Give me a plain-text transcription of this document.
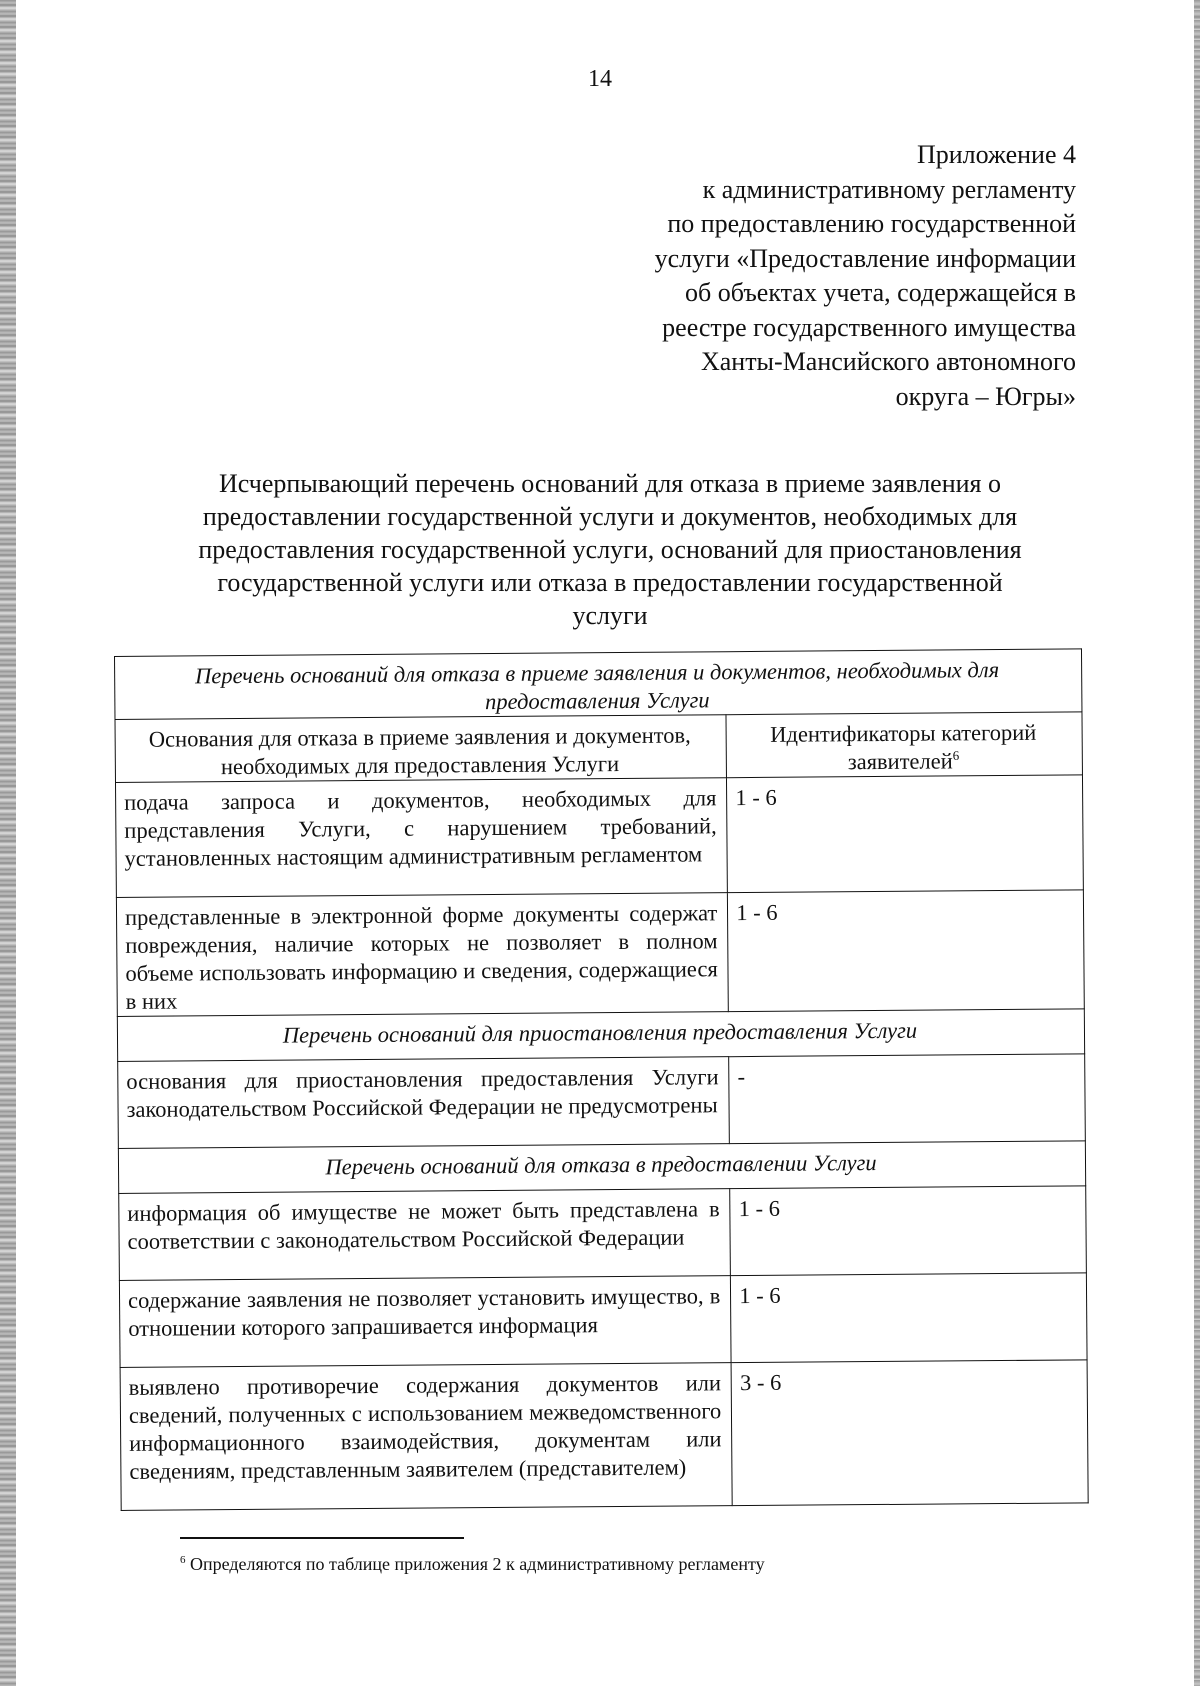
14
Приложение 4
к административному регламенту
по предоставлению государственной
услуги «Предоставление информации
об объектах учета, содержащейся в
реестре государственного имущества
Ханты-Мансийского автономного
округа – Югры»
Исчерпывающий перечень оснований для отказа в приеме заявления о
предоставлении государственной услуги и документов, необходимых для
предоставления государственной услуги, оснований для приостановления
государственной услуги или отказа в предоставлении государственной
услуги
Перечень оснований для отказа в приеме заявления и документов, необходимых для предоставления Услуги	
Основания для отказа в приеме заявления и документов, необходимых для предоставления Услуги	Идентификаторы категорий заявителей$^6$
подача запроса и документов, необходимых для представления Услуги, с нарушением требований, установленных настоящим административным регламентом	1 - 6
представленные в электронной форме документы содержат повреждения, наличие которых не позволяет в полном объеме использовать информацию и сведения, содержащиеся в них	1 - 6
Перечень оснований для приостановления предоставления Услуги	
основания для приостановления предоставления Услуги законодательством Российской Федерации не предусмотрены	-
Перечень оснований для отказа в предоставлении Услуги	
информация об имуществе не может быть представлена в соответствии с законодательством Российской Федерации	1 - 6
содержание заявления не позволяет установить имущество, в отношении которого запрашивается информация	1 - 6
выявлено противоречие содержания документов или сведений, полученных с использованием межведомственного информационного взаимодействия, документам или сведениям, представленным заявителем (представителем)	3 - 6
$^6$ Определяются по таблице приложения 2 к административному регламенту
